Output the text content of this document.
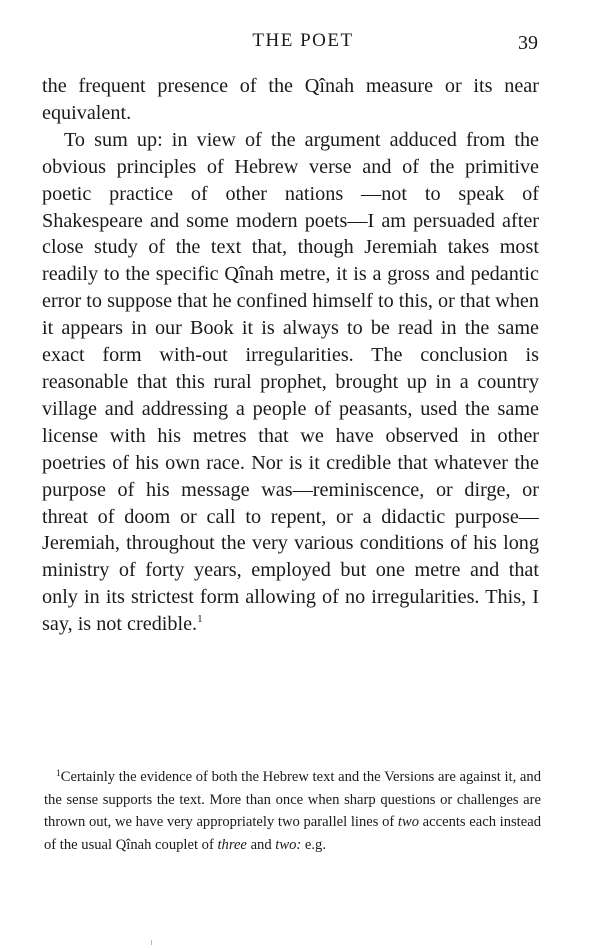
THE POET	39

the frequent presence of the Qînah measure or its near equivalent.

To sum up: in view of the argument adduced from the obvious principles of Hebrew verse and of the primitive poetic practice of other nations —not to speak of Shakespeare and some modern poets—I am persuaded after close study of the text that, though Jeremiah takes most readily to the specific Qînah metre, it is a gross and pedantic error to suppose that he confined himself to this, or that when it appears in our Book it is always to be read in the same exact form with-out irregularities. The conclusion is reasonable that this rural prophet, brought up in a country village and addressing a people of peasants, used the same license with his metres that we have observed in other poetries of his own race. Nor is it credible that whatever the purpose of his message was—reminiscence, or dirge, or threat of doom or call to repent, or a didactic purpose—Jeremiah, throughout the very various conditions of his long ministry of forty years, employed but one metre and that only in its strictest form allowing of no irregularities. This, I say, is not credible.$^1$

$^1$Certainly the evidence of both the Hebrew text and the Versions are against it, and the sense supports the text. More than once when sharp questions or challenges are thrown out, we have very appropriately two parallel lines of two accents each instead of the usual Qînah couplet of three and two: e.g.
